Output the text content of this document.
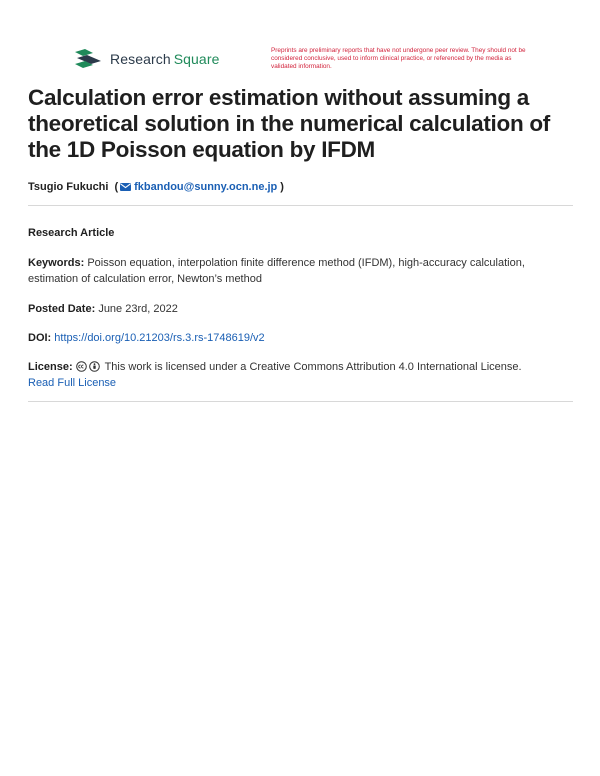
Research Square
Preprints are preliminary reports that have not undergone peer review. They should not be considered conclusive, used to inform clinical practice, or referenced by the media as validated information.
Calculation error estimation without assuming a theoretical solution in the numerical calculation of the 1D Poisson equation by IFDM
Tsugio Fukuchi ( fkbandou@sunny.ocn.ne.jp )
Research Article
Keywords: Poisson equation, interpolation finite difference method (IFDM), high-accuracy calculation, estimation of calculation error, Newton’s method
Posted Date: June 23rd, 2022
DOI: https://doi.org/10.21203/rs.3.rs-1748619/v2
License:	This work is licensed under a Creative Commons Attribution 4.0 International License.
Read Full License
